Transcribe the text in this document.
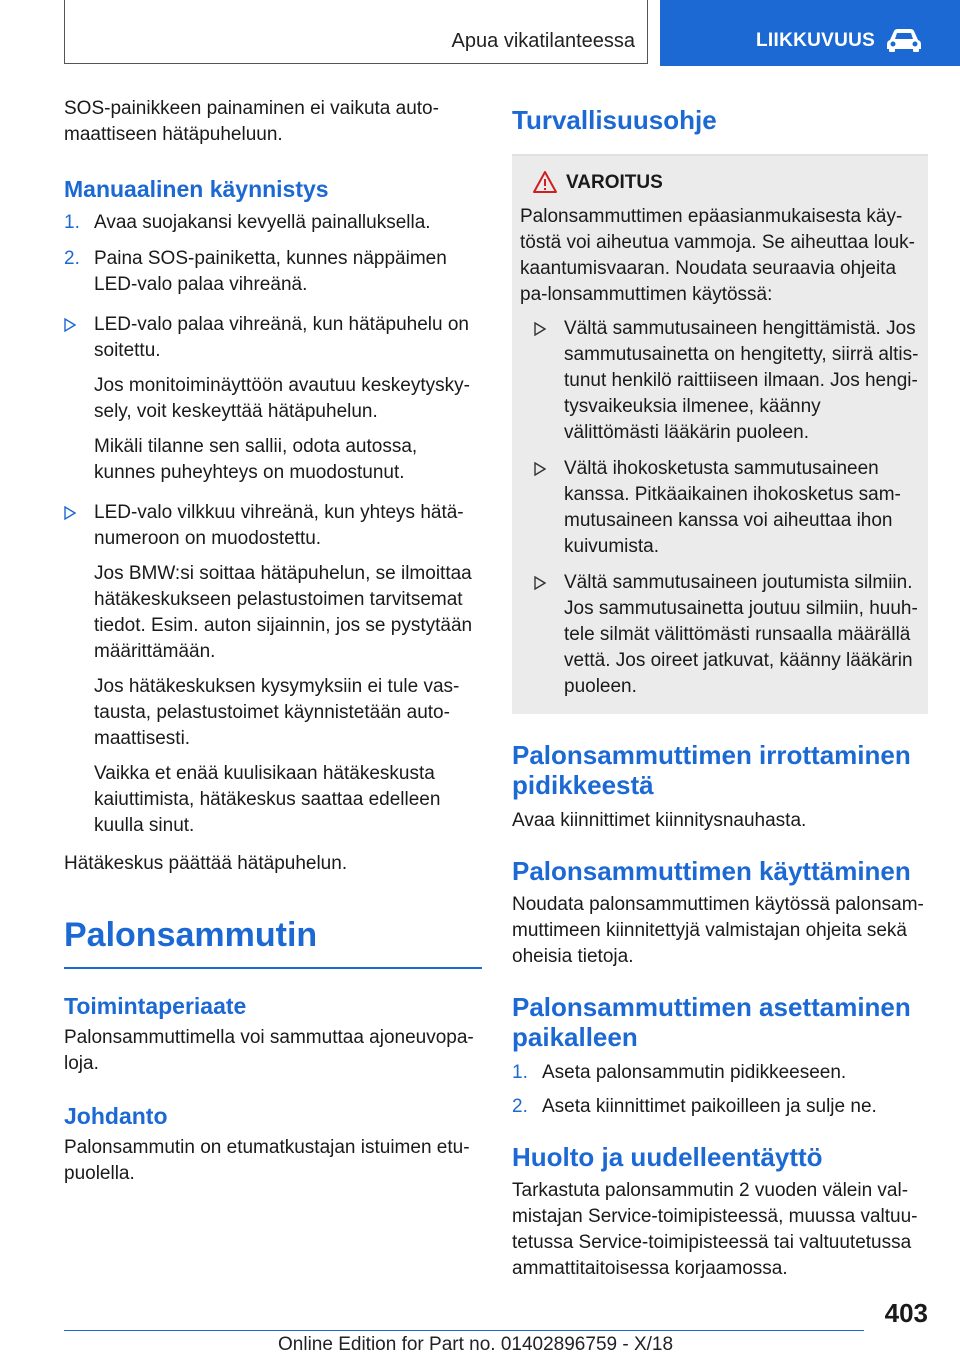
Apua vikatilanteessa	LIIKKUVUUS

SOS-painikkeen painaminen ei vaikuta auto-maattiseen hätäpuheluun.

Manuaalinen käynnistys
1. Avaa suojakansi kevyellä painalluksella.
2. Paina SOS-painiketta, kunnes näppäimen LED-valo palaa vihreänä.

LED-valo palaa vihreänä, kun hätäpuhelu on soitettu.

Jos monitoiminäyttöön avautuu keskeytysky-sely, voit keskeyttää hätäpuhelun.

Mikäli tilanne sen sallii, odota autossa, kunnes puheyhteys on muodostunut.

LED-valo vilkkuu vihreänä, kun yhteys hätä-numeroon on muodostettu.

Jos BMW:si soittaa hätäpuhelun, se ilmoittaa hätäkeskukseen pelastustoimen tarvitsemat tiedot. Esim. auton sijainnin, jos se pystytään määrittämään.

Jos hätäkeskuksen kysymyksiin ei tule vas-tausta, pelastustoimet käynnistetään auto-maattisesti.

Vaikka et enää kuulisikaan hätäkeskusta kaiuttimista, hätäkeskus saattaa edelleen kuulla sinut.

Hätäkeskus päättää hätäpuhelun.

Palonsammutin
Toimintaperiaate

Palonsammuttimella voi sammuttaa ajoneuvopa-loja.

Johdanto

Palonsammutin on etumatkustajan istuimen etu-puolella.

Turvallisuusohje
VAROITUS

Palonsammuttimen epäasianmukaisesta käy-töstä voi aiheutua vammoja. Se aiheuttaa louk-kaantumisvaaran. Noudata seuraavia ohjeita pa-lonsammuttimen käytössä:

Vältä sammutusaineen hengittämistä. Jos sammutusainetta on hengitetty, siirrä altis-tunut henkilö raittiiseen ilmaan. Jos hengi-tysvaikeuksia ilmenee, käänny välittömästi lääkärin puoleen.

Vältä ihokosketusta sammutusaineen kanssa. Pitkäaikainen ihokosketus sam-mutusaineen kanssa voi aiheuttaa ihon kuivumista.

Vältä sammutusaineen joutumista silmiin. Jos sammutusainetta joutuu silmiin, huuh-tele silmät välittömästi runsaalla määrällä vettä. Jos oireet jatkuvat, käänny lääkärin puoleen.

Palonsammuttimen irrottaminen pidikkeestä

Avaa kiinnittimet kiinnitysnauhasta.

Palonsammuttimen käyttäminen

Noudata palonsammuttimen käytössä palonsam-muttimeen kiinnitettyjä valmistajan ohjeita sekä oheisia tietoja.

Palonsammuttimen asettaminen paikalleen
1. Aseta palonsammutin pidikkeeseen.
2. Aseta kiinnittimet paikoilleen ja sulje ne.
Huolto ja uudelleentäyttö

Tarkastuta palonsammutin 2 vuoden välein val-mistajan Service-toimipisteessä, muussa valtuu-tetussa Service-toimipisteessä tai valtuutetussa ammattitaitoisessa korjaamossa.

403
Online Edition for Part no. 01402896759 - X/18
